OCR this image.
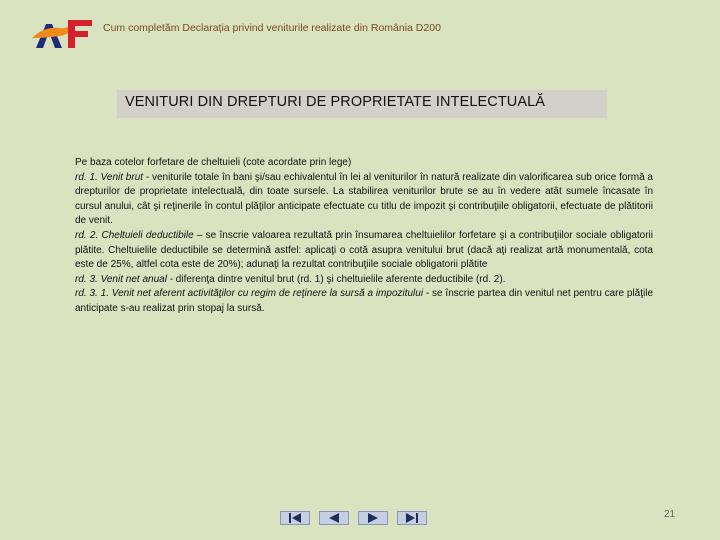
Cum completăm Declarația privind veniturile realizate din România D200
VENITURI DIN DREPTURI DE PROPRIETATE INTELECTUALĂ

Pe baza cotelor forfetare de cheltuieli (cote acordate prin lege)

rd. 1. Venit brut - veniturile totale în bani şi/sau echivalentul în lei al veniturilor în natură realizate din valorificarea sub orice formă a drepturilor de proprietate intelectuală, din toate sursele. La stabilirea veniturilor brute se au în vedere atât sumele încasate în cursul anului, cât şi reţinerile în contul plăţilor anticipate efectuate cu titlu de impozit şi contribuţiile obligatorii, efectuate de plătitorii de venit.

rd. 2. Cheltuieli deductibile – se înscrie valoarea rezultată prin însumarea cheltuielilor forfetare şi a contribuţiilor sociale obligatorii plătite. Cheltuielile deductibile se determină astfel: aplicaţi o cotă asupra venitului brut (dacă aţi realizat artă monumentală, cota este de 25%, altfel cota este de 20%); adunaţi la rezultat contribuţiile sociale obligatorii plătite

rd. 3. Venit net anual - diferenţa dintre venitul brut (rd. 1) şi cheltuielile aferente deductibile (rd. 2).

rd. 3. 1. Venit net aferent activităţilor cu regim de reţinere la sursă a impozitului - se înscrie partea din venitul net pentru care plăţile anticipate s-au realizat prin stopaj la sursă.

21
